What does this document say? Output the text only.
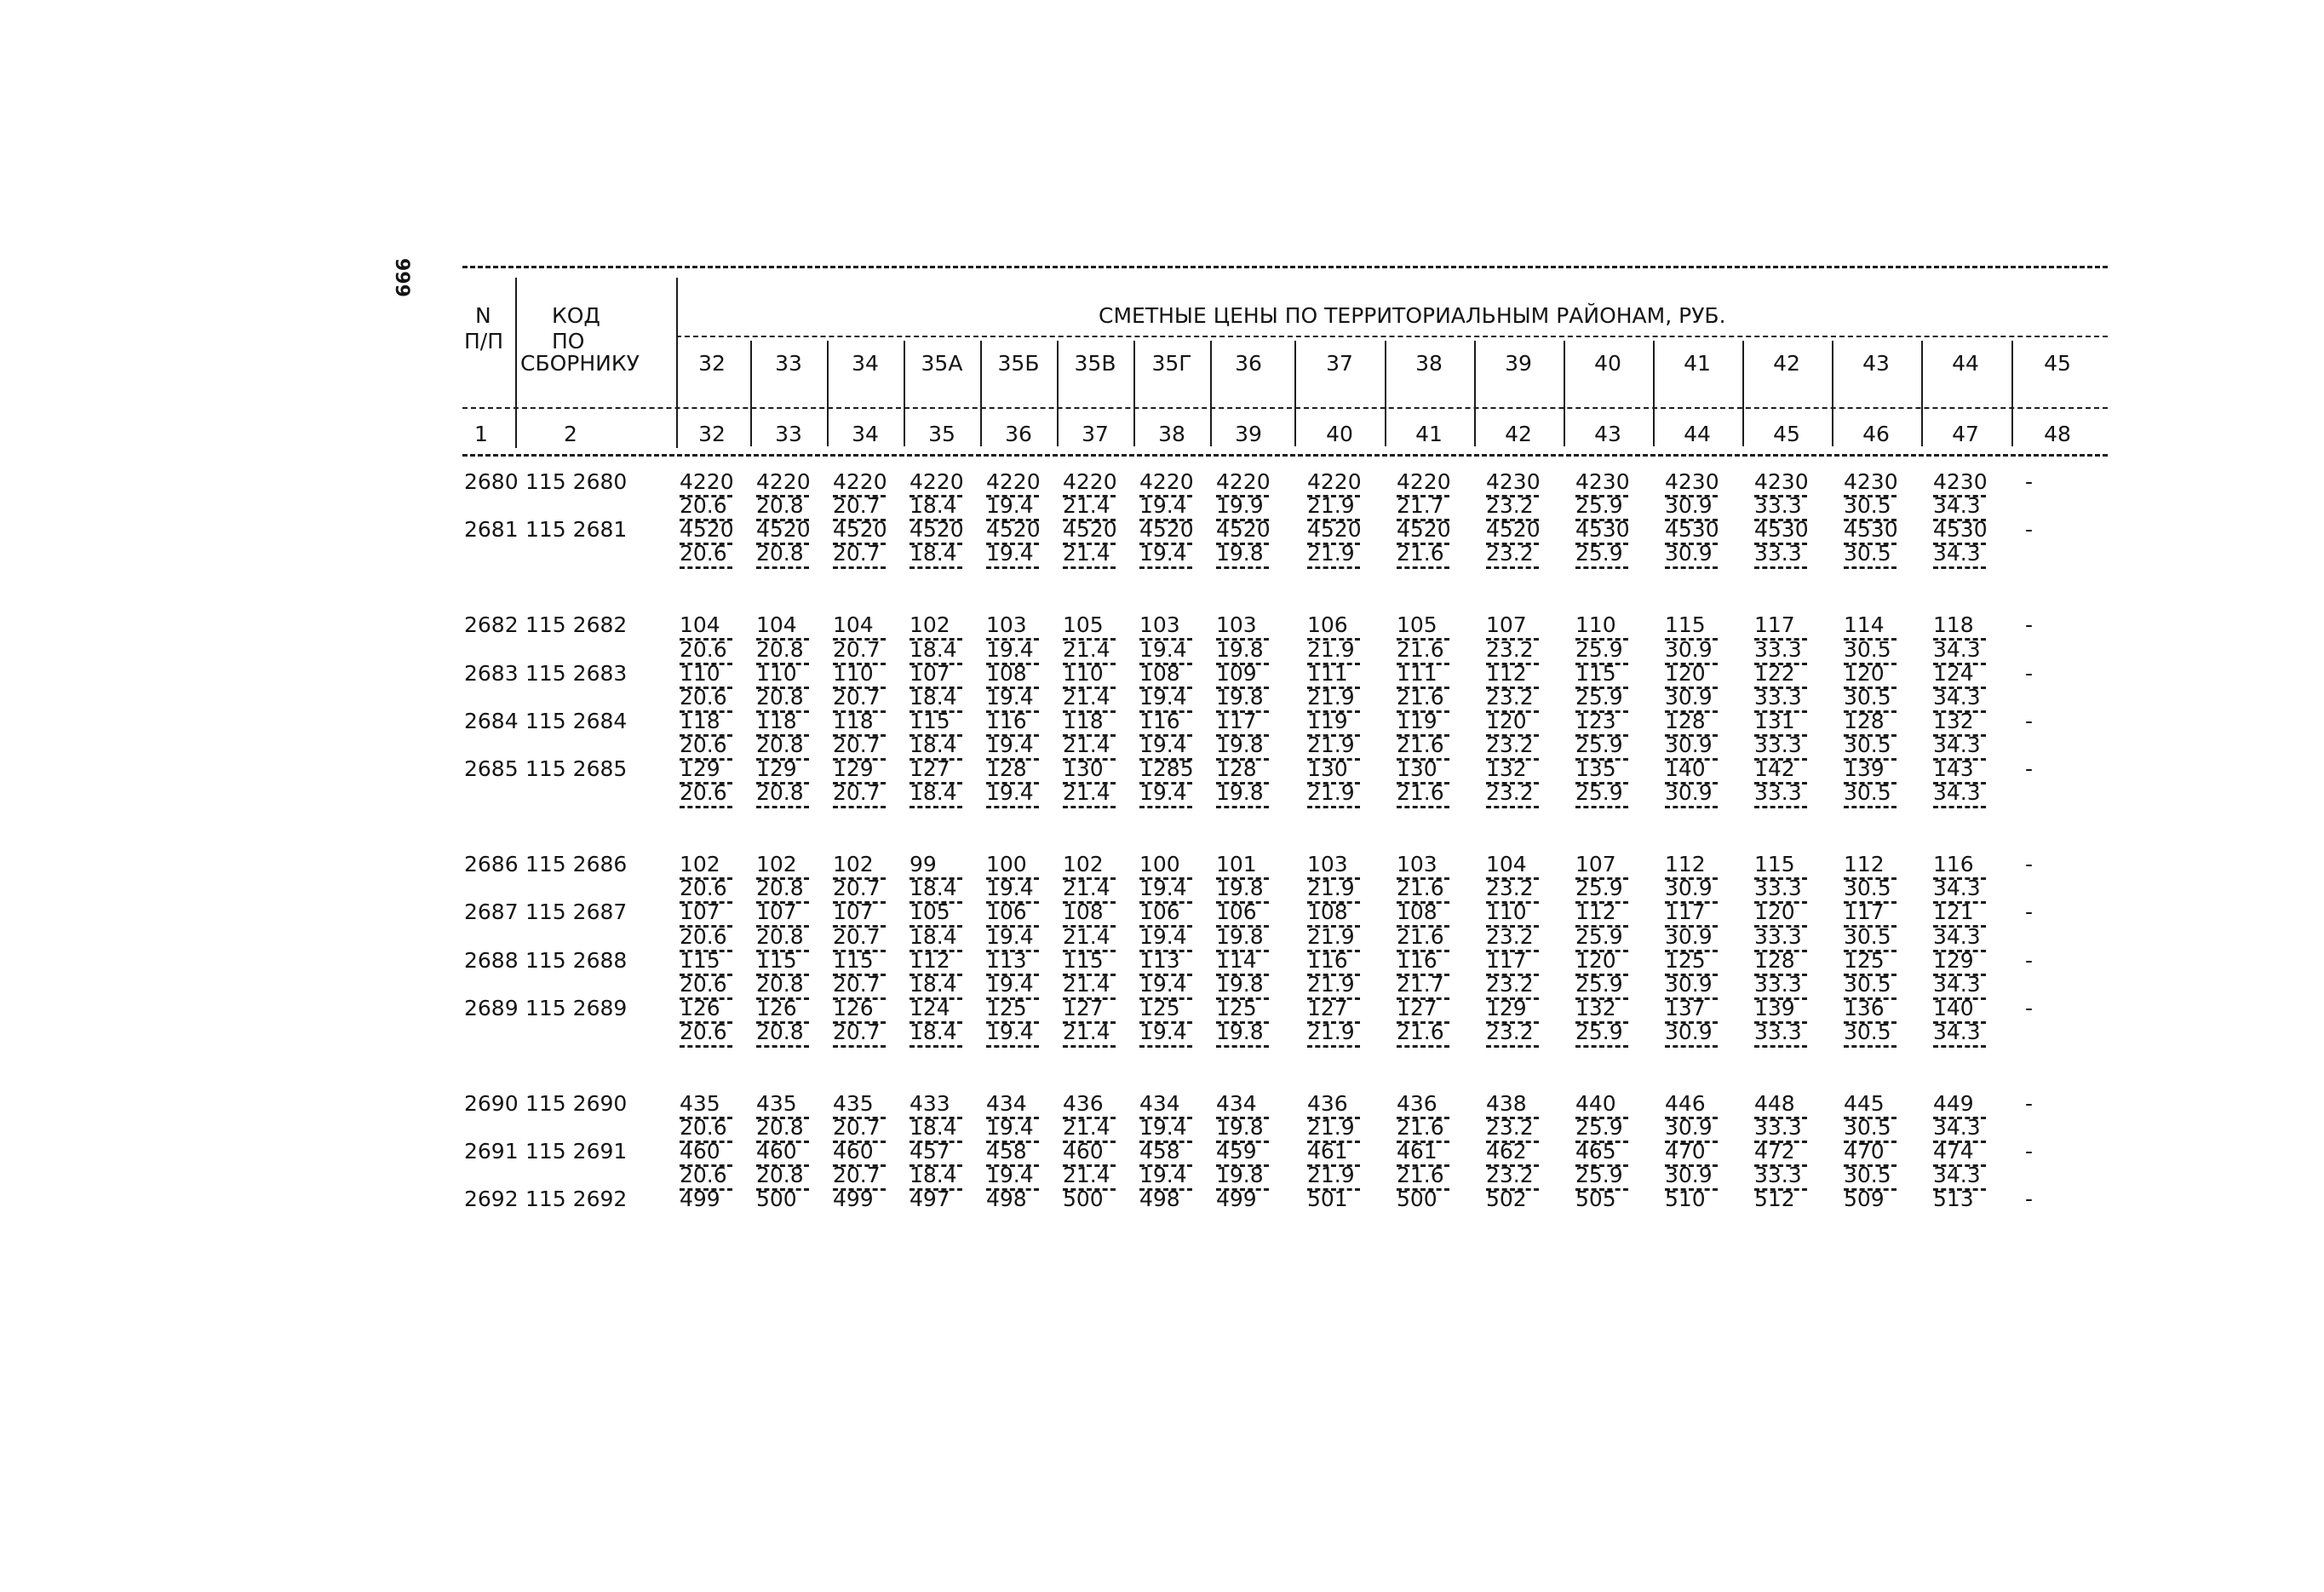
999
N
П/П
КОД
ПО
СБОРНИКУ
СМЕТНЫЕ ЦЕНЫ ПО ТЕРРИТОРИАЛЬНЫМ РАЙОНАМ, РУБ.
1	2
32
32
33
33
34
34
35А
35
35Б
36
35В
37
35Г
38
36
39
37
40
38
41
39
42
40
43
41
44
42
45
43
46
44
47
45
48
2680 115 2680 4220 4220 4220 4220 4220 4220 4220 4220 4220 4220 4230 4230 4230 4230 4230 4230 -
20.6 20.8 20.7 18.4 19.4 21.4 19.4 19.9 21.9 21.7 23.2 25.9 30.9 33.3 30.5 34.3
2681 115 2681 4520 4520 4520 4520 4520 4520 4520 4520 4520 4520 4520 4530 4530 4530 4530 4530 -
20.6 20.8 20.7 18.4 19.4 21.4 19.4 19.8 21.9 21.6 23.2 25.9 30.9 33.3 30.5 34.3
2682 115 2682 104 104 104 102 103 105 103 103 106 105 107 110 115 117 114 118 -
20.6 20.8 20.7 18.4 19.4 21.4 19.4 19.8 21.9 21.6 23.2 25.9 30.9 33.3 30.5 34.3
2683 115 2683 110 110 110 107 108 110 108 109 111 111 112 115 120 122 120 124 -
20.6 20.8 20.7 18.4 19.4 21.4 19.4 19.8 21.9 21.6 23.2 25.9 30.9 33.3 30.5 34.3
2684 115 2684 118 118 118 115 116 118 116 117 119 119 120 123 128 131 128 132 -
20.6 20.8 20.7 18.4 19.4 21.4 19.4 19.8 21.9 21.6 23.2 25.9 30.9 33.3 30.5 34.3
2685 115 2685 129 129 129 127 128 130 1285 128 130 130 132 135 140 142 139 143 -
20.6 20.8 20.7 18.4 19.4 21.4 19.4 19.8 21.9 21.6 23.2 25.9 30.9 33.3 30.5 34.3
2686 115 2686 102 102 102 99 100 102 100 101 103 103 104 107 112 115 112 116 -
20.6 20.8 20.7 18.4 19.4 21.4 19.4 19.8 21.9 21.6 23.2 25.9 30.9 33.3 30.5 34.3
2687 115 2687 107 107 107 105 106 108 106 106 108 108 110 112 117 120 117 121 -
20.6 20.8 20.7 18.4 19.4 21.4 19.4 19.8 21.9 21.6 23.2 25.9 30.9 33.3 30.5 34.3
2688 115 2688 115 115 115 112 113 115 113 114 116 116 117 120 125 128 125 129 -
20.6 20.8 20.7 18.4 19.4 21.4 19.4 19.8 21.9 21.7 23.2 25.9 30.9 33.3 30.5 34.3
2689 115 2689 126 126 126 124 125 127 125 125 127 127 129 132 137 139 136 140 -
20.6 20.8 20.7 18.4 19.4 21.4 19.4 19.8 21.9 21.6 23.2 25.9 30.9 33.3 30.5 34.3
2690 115 2690 435 435 435 433 434 436 434 434 436 436 438 440 446 448 445 449 -
20.6 20.8 20.7 18.4 19.4 21.4 19.4 19.8 21.9 21.6 23.2 25.9 30.9 33.3 30.5 34.3
2691 115 2691 460 460 460 457 458 460 458 459 461 461 462 465 470 472 470 474 -
20.6 20.8 20.7 18.4 19.4 21.4 19.4 19.8 21.9 21.6 23.2 25.9 30.9 33.3 30.5 34.3
2692 115 2692 499 500 499 497 498 500 498 499 501 500 502 505 510 512 509 513 -
